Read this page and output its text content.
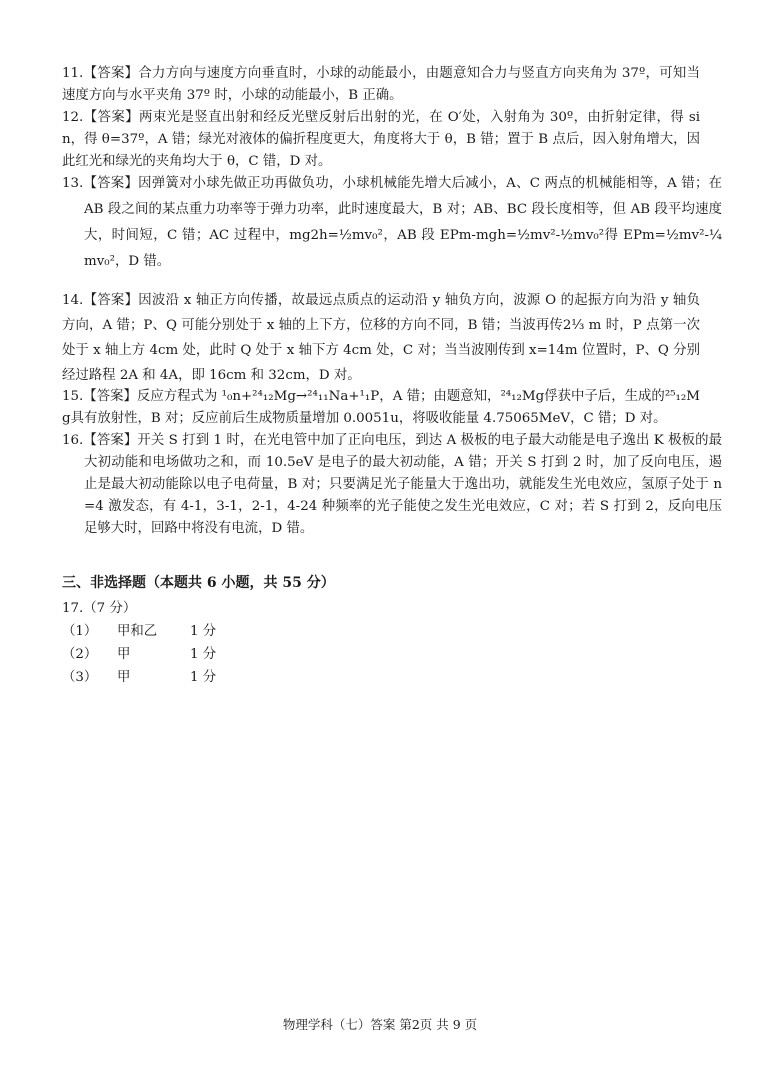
11.【答案】合力方向与速度方向垂直时，小球的动能最小，由题意知合力与竖直方向夹角为 37º，可知当速度方向与水平夹角 37º 时，小球的动能最小，B 正确。
12.【答案】两束光是竖直出射和经反光壁反射后出射的光，在 O′处，入射角为 30º，由折射定律，得 sin，得 θ=37º，A 错；绿光对液体的偏折程度更大，角度将大于 θ，B 错；置于 B 点后，因入射角增大，因此红光和绿光的夹角均大于 θ，C 错，D 对。
13.【答案】因弹簧对小球先做正功再做负功，小球机械能先增大后减小，A、C 两点的机械能相等，A 错；在 AB 段之间的某点重力功率等于弹力功率，此时速度最大，B 对；AB、BC 段长度相等，但 AB 段平均速度大，时间短，C 错；AC 过程中，mg2h=½mv₀²，AB 段 EPm-mgh=½mv²-½mv₀²得 EPm=½mv²-¼mv₀²，D 错。
14.【答案】因波沿 x 轴正方向传播，故最远点质点的运动沿 y 轴负方向，波源 O 的起振方向为沿 y 轴负方向，A 错；P、Q 可能分别处于 x 轴的上下方，位移的方向不同，B 错；当波再传2⅓ m 时，P 点第一次处于 x 轴上方 4cm 处，此时 Q 处于 x 轴下方 4cm 处，C 对；当当波刚传到 x=14m 位置时，P、Q 分别经过路程 2A 和 4A，即 16cm 和 32cm，D 对。
15.【答案】反应方程式为 ¹₀n+²⁴₁₂Mg→²⁴₁₁Na+¹₁P，A 错；由题意知，²⁴₁₂Mg俘获中子后，生成的²⁵₁₂Mg具有放射性，B 对；反应前后生成物质量增加 0.0051u，将吸收能量 4.75065MeV，C 错；D 对。
16.【答案】开关 S 打到 1 时，在光电管中加了正向电压，到达 A 极板的电子最大动能是电子逸出 K 极板的最大初动能和电场做功之和，而 10.5eV 是电子的最大初动能，A 错；开关 S 打到 2 时，加了反向电压，遏止是最大初动能除以电子电荷量，B 对；只要满足光子能量大于逸出功，就能发生光电效应，氢原子处于 n=4 激发态，有 4-1，3-1，2-1，4-24 种频率的光子能使之发生光电效应，C 对；若 S 打到 2，反向电压足够大时，回路中将没有电流，D 错。
三、非选择题（本题共 6 小题，共 55 分）
17.（7 分）
（1） 甲和乙 1 分
（2） 甲	1 分
（3） 甲	1 分
物理学科（七）答案 第2页 共 9 页
